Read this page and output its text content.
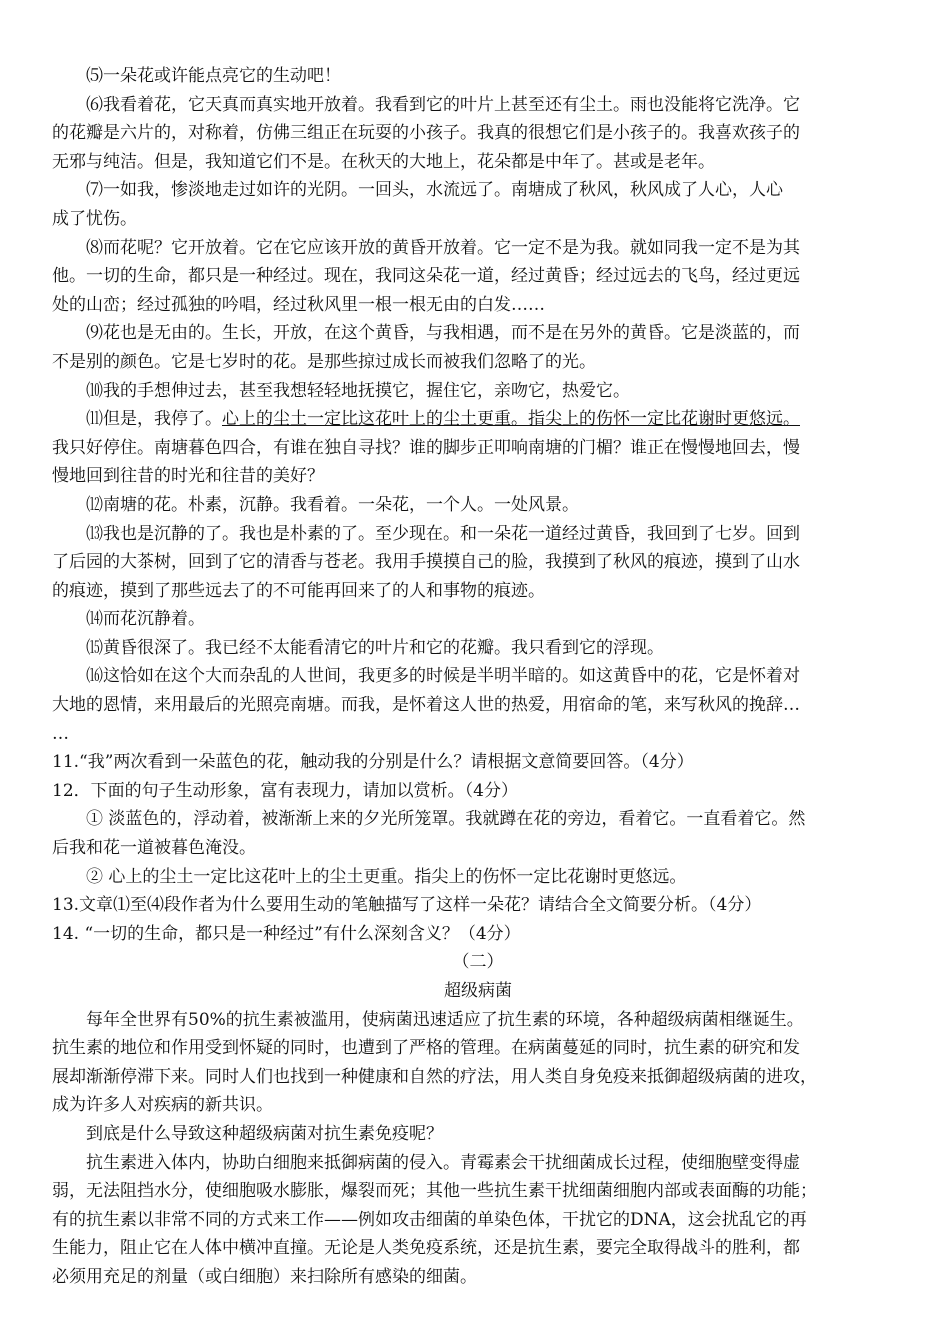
⑸一朵花或许能点亮它的生动吧！
⑹我看着花，它天真而真实地开放着。我看到它的叶片上甚至还有尘土。雨也没能将它洗净。它
的花瓣是六片的，对称着，仿佛三组正在玩耍的小孩子。我真的很想它们是小孩子的。我喜欢孩子的
无邪与纯洁。但是，我知道它们不是。在秋天的大地上，花朵都是中年了。甚或是老年。
⑺一如我，惨淡地走过如许的光阴。一回头，水流远了。南塘成了秋风，秋风成了人心，人心
成了忧伤。
⑻而花呢？它开放着。它在它应该开放的黄昏开放着。它一定不是为我。就如同我一定不是为其
他。一切的生命，都只是一种经过。现在，我同这朵花一道，经过黄昏；经过远去的飞鸟，经过更远
处的山峦；经过孤独的吟唱，经过秋风里一根一根无由的白发……
⑼花也是无由的。生长，开放，在这个黄昏，与我相遇，而不是在另外的黄昏。它是淡蓝的，而
不是别的颜色。它是七岁时的花。是那些掠过成长而被我们忽略了的光。
⑽我的手想伸过去，甚至我想轻轻地抚摸它，握住它，亲吻它，热爱它。
⑾但是，我停了。心上的尘土一定比这花叶上的尘土更重。指尖上的伤怀一定比花谢时更悠远。
我只好停住。南塘暮色四合，有谁在独自寻找？谁的脚步正叩响南塘的门楣？谁正在慢慢地回去，慢
慢地回到往昔的时光和往昔的美好？
⑿南塘的花。朴素，沉静。我看着。一朵花，一个人。一处风景。
⒀我也是沉静的了。我也是朴素的了。至少现在。和一朵花一道经过黄昏，我回到了七岁。回到
了后园的大茶树，回到了它的清香与苍老。我用手摸摸自己的脸，我摸到了秋风的痕迹，摸到了山水
的痕迹，摸到了那些远去了的不可能再回来了的人和事物的痕迹。
⒁而花沉静着。
⒂黄昏很深了。我已经不太能看清它的叶片和它的花瓣。我只看到它的浮现。
⒃这恰如在这个大而杂乱的人世间，我更多的时候是半明半暗的。如这黄昏中的花，它是怀着对
大地的恩情，来用最后的光照亮南塘。而我，是怀着这人世的热爱，用宿命的笔，来写秋风的挽辞…
…
11.“我”两次看到一朵蓝色的花，触动我的分别是什么？请根据文意简要回答。（4分）
12．下面的句子生动形象，富有表现力，请加以赏析。（4分）
① 淡蓝色的，浮动着，被渐渐上来的夕光所笼罩。我就蹲在花的旁边，看着它。一直看着它。然
后我和花一道被暮色淹没。
② 心上的尘土一定比这花叶上的尘土更重。指尖上的伤怀一定比花谢时更悠远。
13.文章⑴至⑷段作者为什么要用生动的笔触描写了这样一朵花？请结合全文简要分析。（4分）
14. “一切的生命，都只是一种经过”有什么深刻含义？（4分）
（二）
超级病菌
每年全世界有50%的抗生素被滥用，使病菌迅速适应了抗生素的环境，各种超级病菌相继诞生。
抗生素的地位和作用受到怀疑的同时，也遭到了严格的管理。在病菌蔓延的同时，抗生素的研究和发
展却渐渐停滞下来。同时人们也找到一种健康和自然的疗法，用人类自身免疫来抵御超级病菌的进攻，
成为许多人对疾病的新共识。
到底是什么导致这种超级病菌对抗生素免疫呢？
抗生素进入体内，协助白细胞来抵御病菌的侵入。青霉素会干扰细菌成长过程，使细胞壁变得虚
弱，无法阻挡水分，使细胞吸水膨胀，爆裂而死；其他一些抗生素干扰细菌细胞内部或表面酶的功能；
有的抗生素以非常不同的方式来工作——例如攻击细菌的单染色体，干扰它的DNA，这会扰乱它的再
生能力，阻止它在人体中横冲直撞。无论是人类免疫系统，还是抗生素，要完全取得战斗的胜利，都
必须用充足的剂量（或白细胞）来扫除所有感染的细菌。
